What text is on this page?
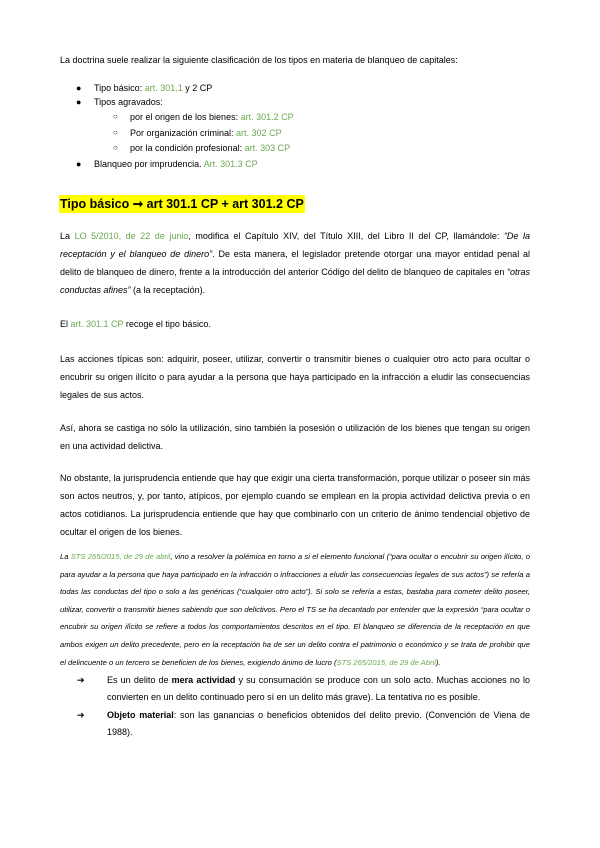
La doctrina suele realizar la siguiente clasificación de los tipos en materia de blanqueo de capitales:

● Tipo básico: art. 301.1 y 2 CP
● Tipos agravados:
○ por el origen de los bienes: art. 301.2 CP
○ Por organización criminal: art. 302 CP
○ por la condición profesional: art. 303 CP
● Blanqueo por imprudencia. Art. 301.3 CP
Tipo básico ➞ art 301.1 CP + art 301.2 CP

La LO 5/2010, de 22 de junio, modifica el Capítulo XIV, del Título XIII, del Libro II del CP, llamándole: “De la receptación y el blanqueo de dinero”. De esta manera, el legislador pretende otorgar una mayor entidad penal al delito de blanqueo de dinero, frente a la introducción del anterior Código del delito de blanqueo de capitales en “otras conductas afines” (a la receptación).

El art. 301.1 CP recoge el tipo básico.

Las acciones típicas son: adquirir, poseer, utilizar, convertir o transmitir bienes o cualquier otro acto para ocultar o encubrir su origen ilícito o para ayudar a la persona que haya participado en la infracción a eludir las consecuencias legales de sus actos.

Así, ahora se castiga no sólo la utilización, sino también la posesión o utilización de los bienes que tengan su origen en una actividad delictiva.

No obstante, la jurisprudencia entiende que hay que exigir una cierta transformación, porque utilizar o poseer sin más son actos neutros, y, por tanto, atípicos, por ejemplo cuando se emplean en la propia actividad delictiva previa o en actos cotidianos. La jurisprudencia entiende que hay que combinarlo con un criterio de ánimo tendencial objetivo de ocultar el origen de los bienes.

La STS 265/2015, de 29 de abril, vino a resolver la polémica en torno a si el elemento funcional (“para ocultar o encubrir su origen ilícito, o para ayudar a la persona que haya participado en la infracción o infracciones a eludir las consecuencias legales de sus actos”) se refería a todas las conductas del tipo o solo a las genéricas (“cualquier otro acto”). Si solo se refería a estas, bastaba para cometer delito poseer, utilizar, convertir o transmitir bienes sabiendo que son delictivos. Pero el TS se ha decantado por entender que la expresión “para ocultar o encubrir su origen ilícito se refiere a todos los comportamientos descritos en el tipo. El blanqueo se diferencia de la receptación en que ambos exigen un delito precedente, pero en la receptación ha de ser un delito contra el patrimonio o económico y se trata de prohibir que el delincuente o un tercero se beneficien de los bienes, exigiendo ánimo de lucro (STS 265/2015, de 29 de Abril).

➔ Es un delito de mera actividad y su consumación se produce con un solo acto. Muchas acciones no lo convierten en un delito continuado pero sí en un delito más grave). La tentativa no es posible.

➔ Objeto material: son las ganancias o beneficios obtenidos del delito previo. (Convención de Viena de 1988).
